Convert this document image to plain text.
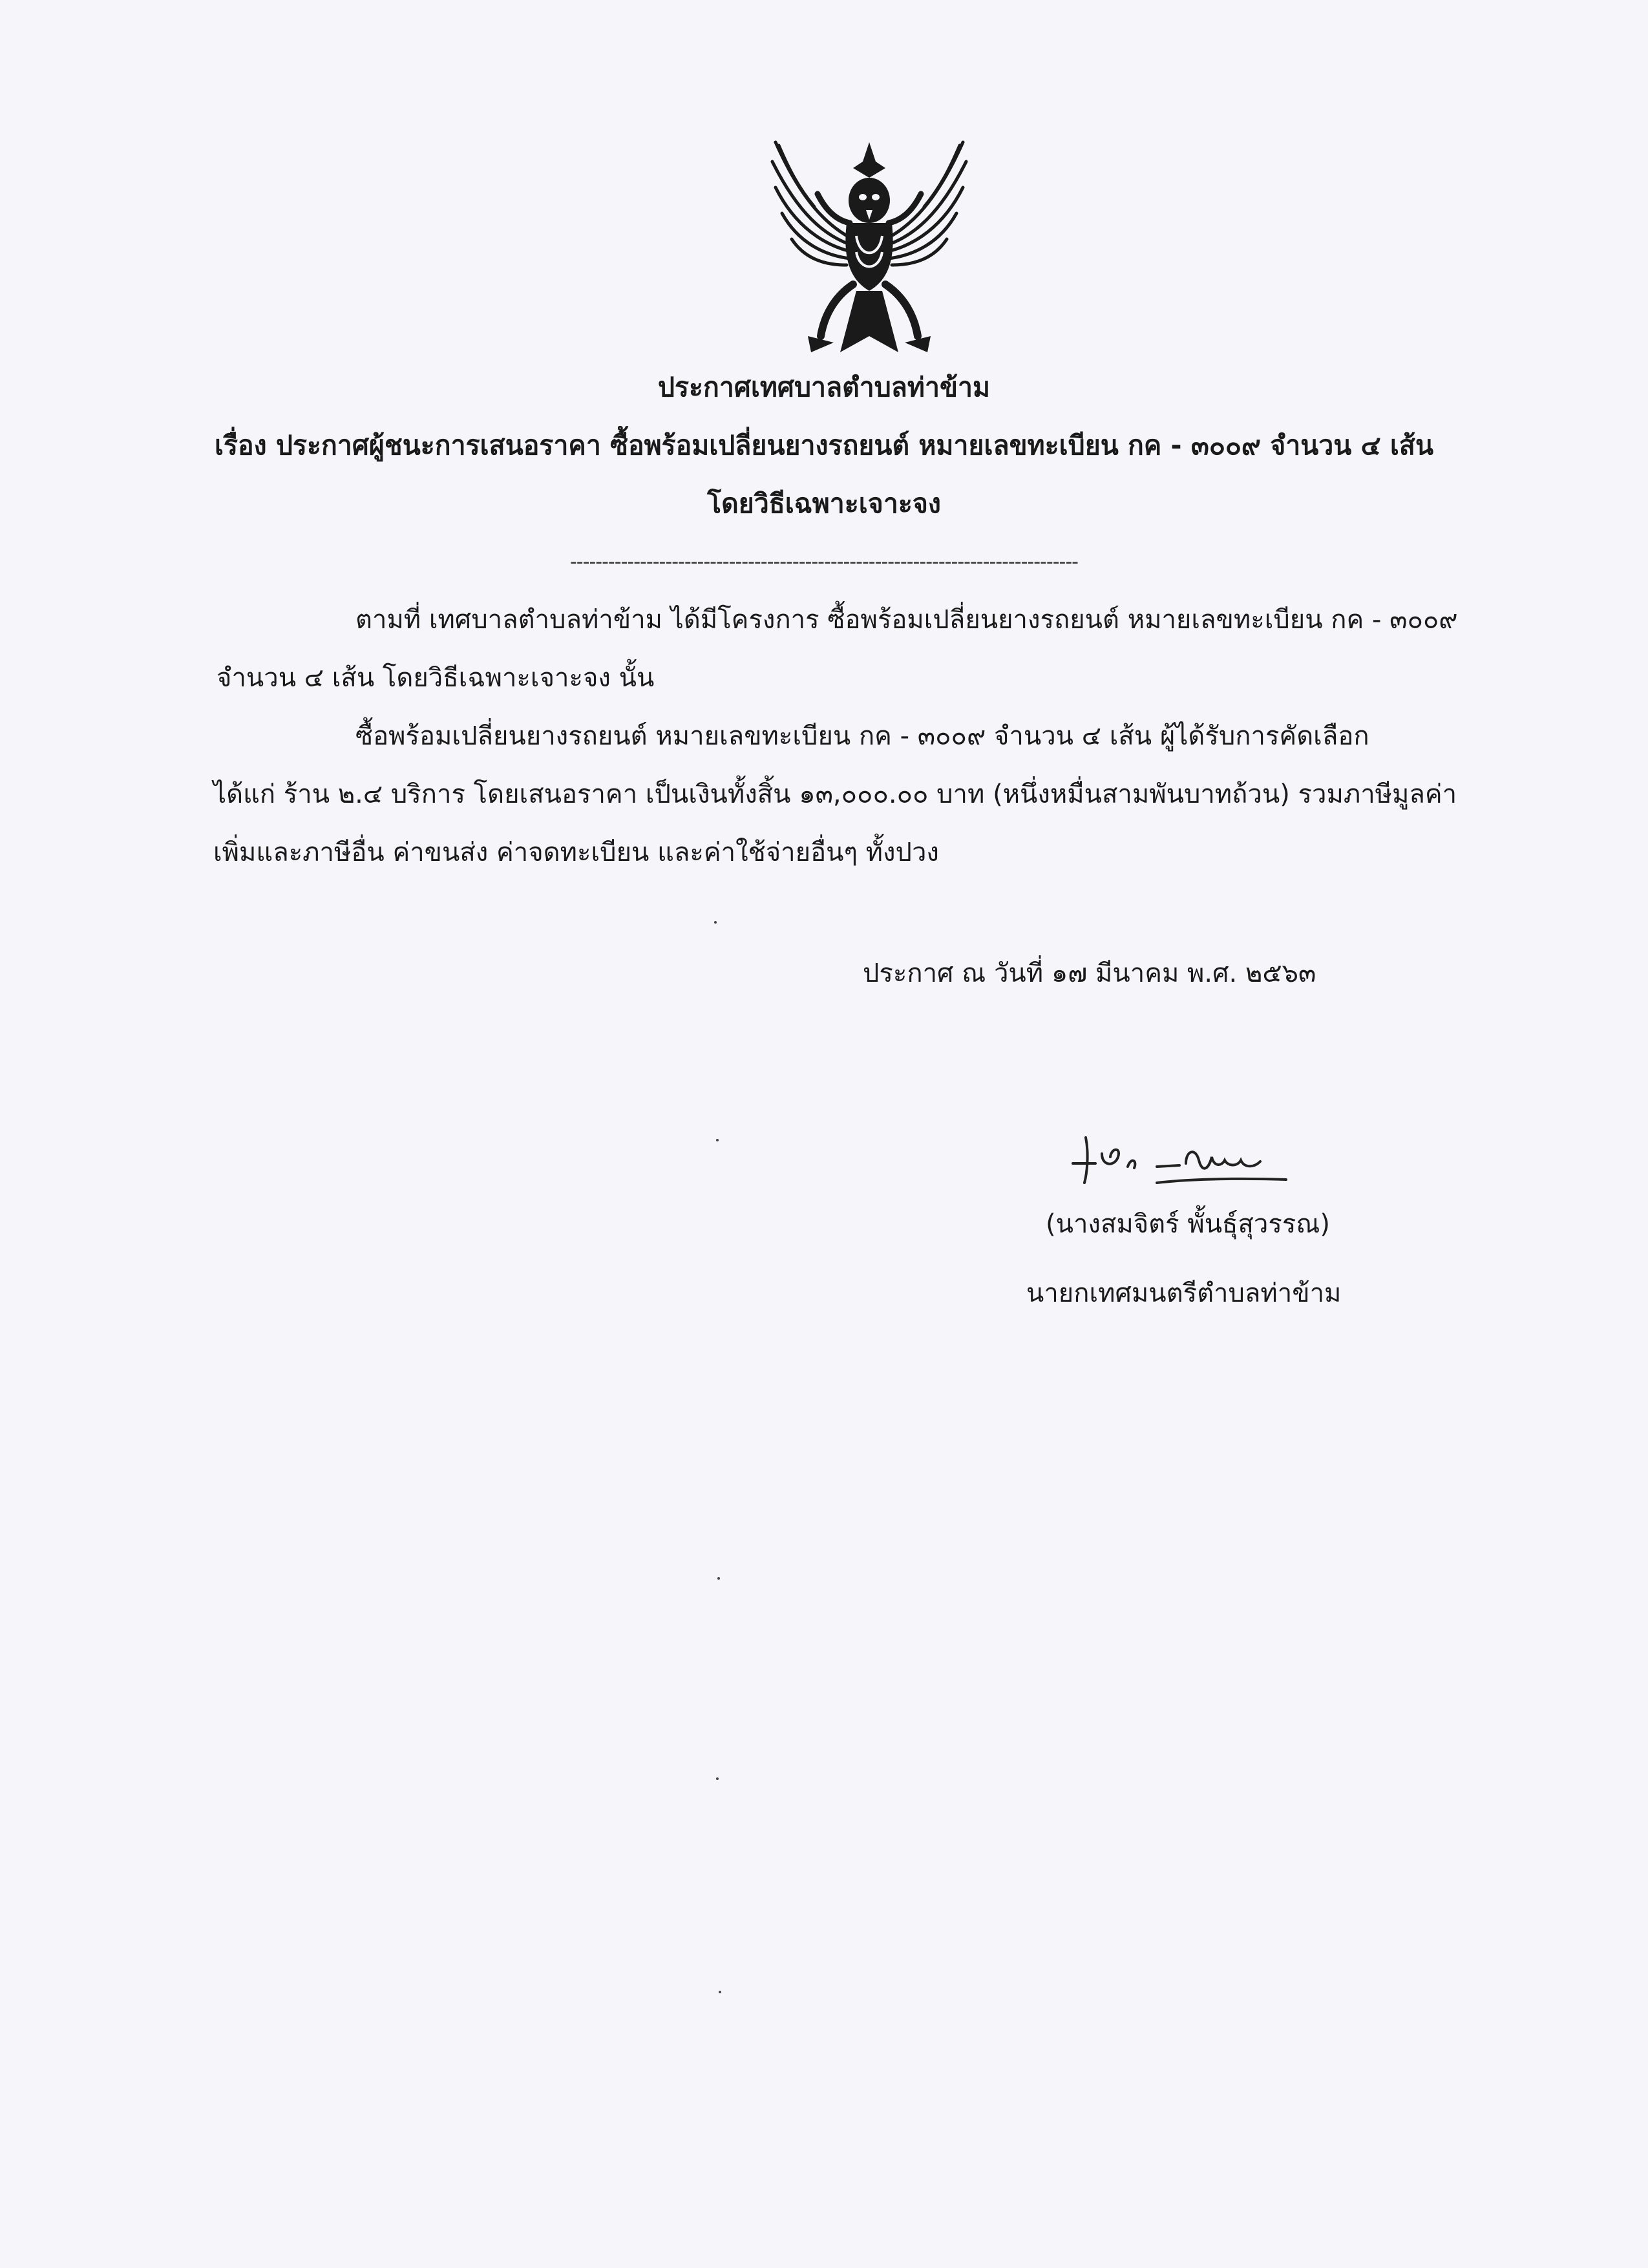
ประกาศเทศบาลตำบลท่าข้าม
เรื่อง ประกาศผู้ชนะการเสนอราคา ซื้อพร้อมเปลี่ยนยางรถยนต์ หมายเลขทะเบียน กค - ๓๐๐๙ จำนวน ๔ เส้น
โดยวิธีเฉพาะเจาะจง
--------------------------------------------------------------------------------
ตามที่ เทศบาลตำบลท่าข้าม ได้มีโครงการ ซื้อพร้อมเปลี่ยนยางรถยนต์ หมายเลขทะเบียน กค - ๓๐๐๙
จำนวน ๔ เส้น โดยวิธีเฉพาะเจาะจง นั้น
ซื้อพร้อมเปลี่ยนยางรถยนต์ หมายเลขทะเบียน กค - ๓๐๐๙ จำนวน ๔ เส้น ผู้ได้รับการคัดเลือก
ได้แก่ ร้าน ๒.๔ บริการ โดยเสนอราคา เป็นเงินทั้งสิ้น ๑๓,๐๐๐.๐๐ บาท (หนึ่งหมื่นสามพันบาทถ้วน) รวมภาษีมูลค่า
เพิ่มและภาษีอื่น ค่าขนส่ง ค่าจดทะเบียน และค่าใช้จ่ายอื่นๆ ทั้งปวง
ประกาศ ณ วันที่ ๑๗ มีนาคม พ.ศ. ๒๕๖๓
(นางสมจิตร์ พั้นธุ์สุวรรณ)
นายกเทศมนตรีตำบลท่าข้าม
